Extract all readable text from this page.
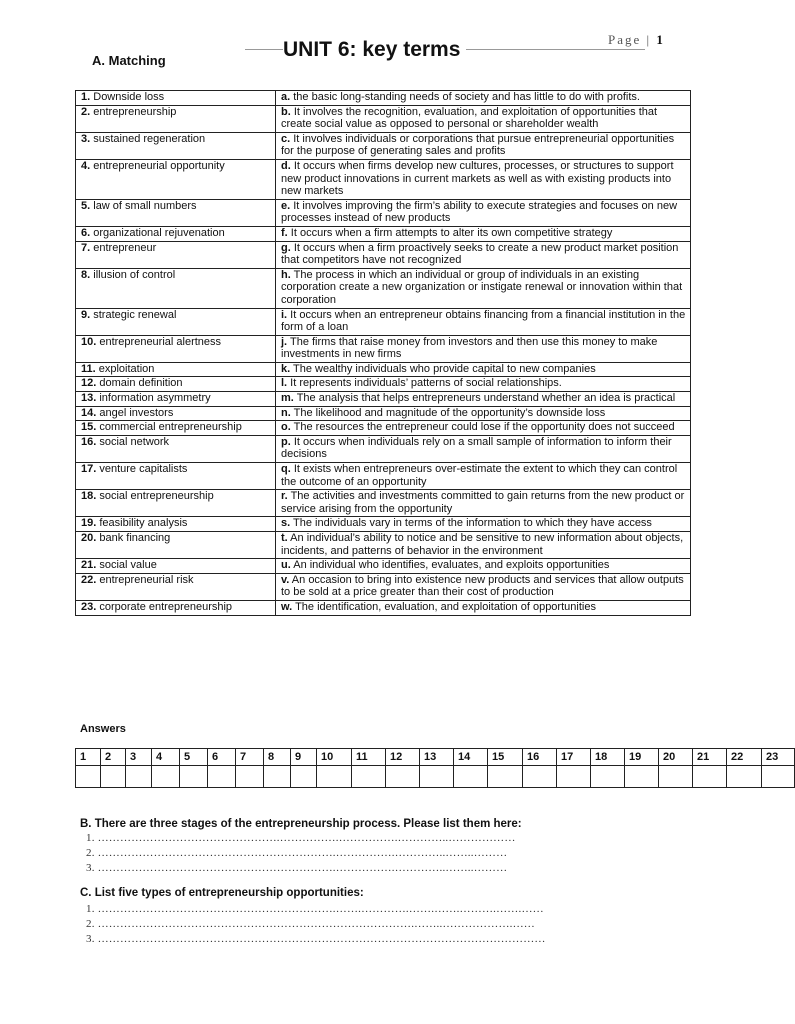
Page | 1
A. Matching	UNIT 6: key terms
1. Downside loss	a. the basic long-standing needs of society and has little to do with profits.
2. entrepreneurship	b. It involves the recognition, evaluation, and exploitation of opportunities that create social value as opposed to personal or shareholder wealth
3. sustained regeneration	c. It involves individuals or corporations that pursue entrepreneurial opportunities for the purpose of generating sales and profits
4. entrepreneurial opportunity	d. It occurs when firms develop new cultures, processes, or structures to support new product innovations in current markets as well as with existing products into new markets
5. law of small numbers	e. It involves improving the firm’s ability to execute strategies and focuses on new processes instead of new products
6. organizational rejuvenation	f. It occurs when a firm attempts to alter its own competitive strategy
7. entrepreneur	g. It occurs when a firm proactively seeks to create a new product market position that competitors have not recognized
8. illusion of control	h. The process in which an individual or group of individuals in an existing corporation create a new organization or instigate renewal or innovation within that corporation
9. strategic renewal	i. It occurs when an entrepreneur obtains financing from a financial institution in the form of a loan
10. entrepreneurial alertness	j. The firms that raise money from investors and then use this money to make investments in new firms
11. exploitation	k. The wealthy individuals who provide capital to new companies
12. domain definition	l. It represents individuals’ patterns of social relationships.
13. information asymmetry	m. The analysis that helps entrepreneurs understand whether an idea is practical
14. angel investors	n. The likelihood and magnitude of the opportunity’s downside loss
15. commercial entrepreneurship	o. The resources the entrepreneur could lose if the opportunity does not succeed
16. social network	p. It occurs when individuals rely on a small sample of information to inform their decisions
17. venture capitalists	q. It exists when entrepreneurs over-estimate the extent to which they can control the outcome of an opportunity
18. social entrepreneurship	r. The activities and investments committed to gain returns from the new product or service arising from the opportunity
19. feasibility analysis	s. The individuals vary in terms of the information to which they have access
20. bank financing	t. An individual’s ability to notice and be sensitive to new information about objects, incidents, and patterns of behavior in the environment
21. social value	u. An individual who identifies, evaluates, and exploits opportunities
22. entrepreneurial risk	v. An occasion to bring into existence new products and services that allow outputs to be sold at a price greater than their cost of production
23. corporate entrepreneurship	w. The identification, evaluation, and exploitation of opportunities
Answers
1	2	3	4	5	6	7	8	9	10	11	12	13	14	15	16	17	18	19	20	21	22	23

B. There are three stages of the entrepreneurship process. Please list them here:
1. ………………………………………….…………….…………….…………..………………
2. ……………………………………………………….…………….…………..……..………
3. ……………………………………………………….…………….…………..……..………
C. List five types of entrepreneurship opportunities:
1. ……………………………………………………….…….………….…….…….……….…….……
2. ………………………………………………………………………….……..……………….……
3. …………………………………………………………………………………………………………
